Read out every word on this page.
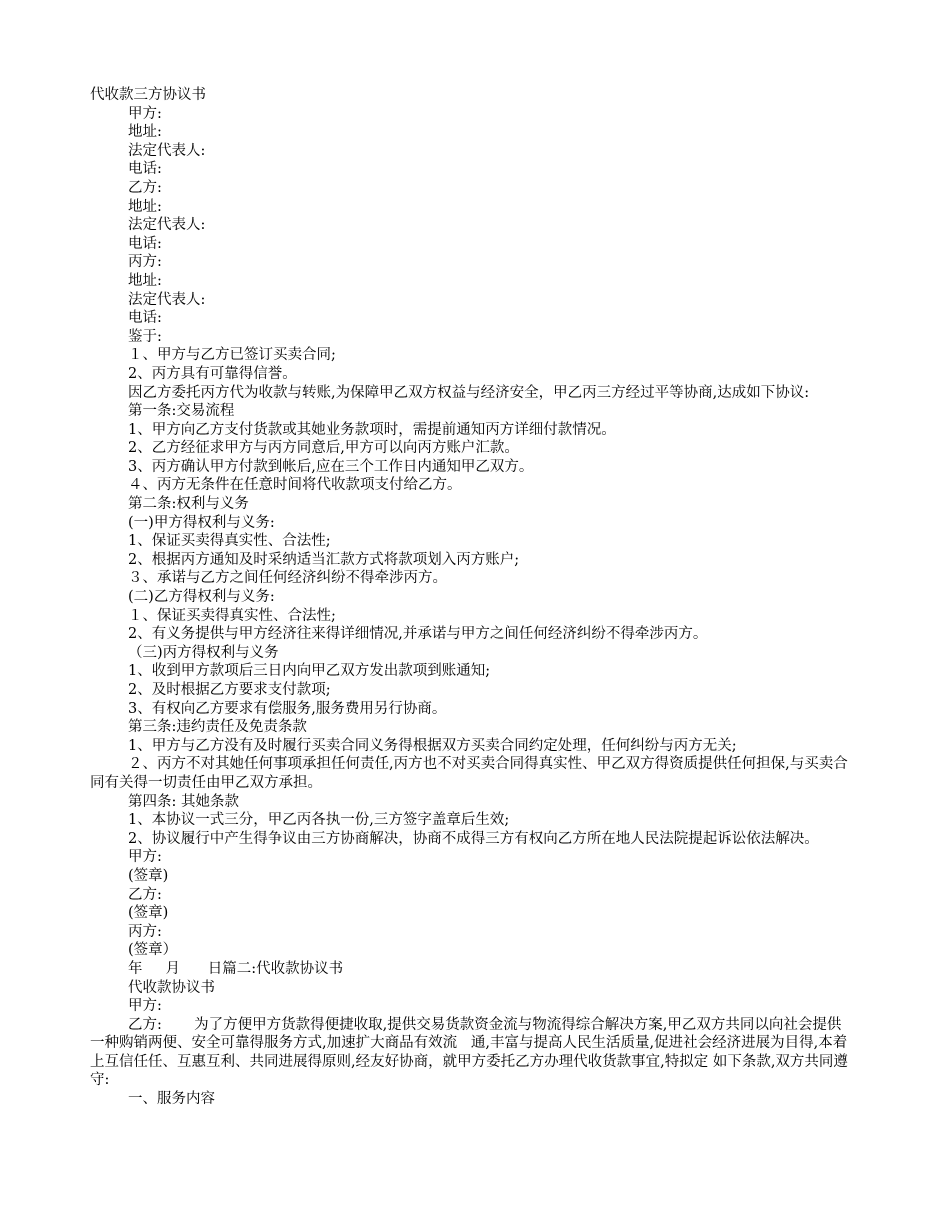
代收款三方协议书

甲方:

地址:

法定代表人:

电话:

乙方:

地址:

法定代表人:

电话:

丙方:

地址:

法定代表人:

电话:

鉴于:

１、甲方与乙方已签订买卖合同;

2、丙方具有可靠得信誉。

因乙方委托丙方代为收款与转账,为保障甲乙双方权益与经济安全，甲乙丙三方经过平等协商,达成如下协议:

第一条:交易流程

1、甲方向乙方支付货款或其她业务款项时，需提前通知丙方详细付款情况。

2、乙方经征求甲方与丙方同意后,甲方可以向丙方账户汇款。

3、丙方确认甲方付款到帐后,应在三个工作日内通知甲乙双方。

４、丙方无条件在任意时间将代收款项支付给乙方。

第二条:权利与义务

(一)甲方得权利与义务:

1、保证买卖得真实性、合法性;

2、根据丙方通知及时采纳适当汇款方式将款项划入丙方账户;

３、承诺与乙方之间任何经济纠纷不得牵涉丙方。

(二)乙方得权利与义务:

１、保证买卖得真实性、合法性;

2、有义务提供与甲方经济往来得详细情况,并承诺与甲方之间任何经济纠纷不得牵涉丙方。

（三)丙方得权利与义务

1、收到甲方款项后三日内向甲乙双方发出款项到账通知;

2、及时根据乙方要求支付款项;

3、有权向乙方要求有偿服务,服务费用另行协商。

第三条:违约责任及免责条款

1、甲方与乙方没有及时履行买卖合同义务得根据双方买卖合同约定处理，任何纠纷与丙方无关;

２、丙方不对其她任何事项承担任何责任,丙方也不对买卖合同得真实性、甲乙双方得资质提供任何担保,与买卖合同有关得一切责任由甲乙双方承担。

第四条: 其她条款

1、本协议一式三分，甲乙丙各执一份,三方签字盖章后生效;

2、协议履行中产生得争议由三方协商解决，协商不成得三方有权向乙方所在地人民法院提起诉讼依法解决。

甲方:

(签章)

乙方:

(签章)

丙方:

(签章）

年     月      日篇二:代收款协议书

代收款协议书

甲方:

乙方:       为了方便甲方货款得便捷收取,提供交易货款资金流与物流得综合解决方案,甲乙双方共同以向社会提供一种购销两便、安全可靠得服务方式,加速扩大商品有效流   通,丰富与提高人民生活质量,促进社会经济进展为目得,本着上互信任任、互惠互利、共同进展得原则,经友好协商，就甲方委托乙方办理代收货款事宜,特拟定 如下条款,双方共同遵守:

一、服务内容
